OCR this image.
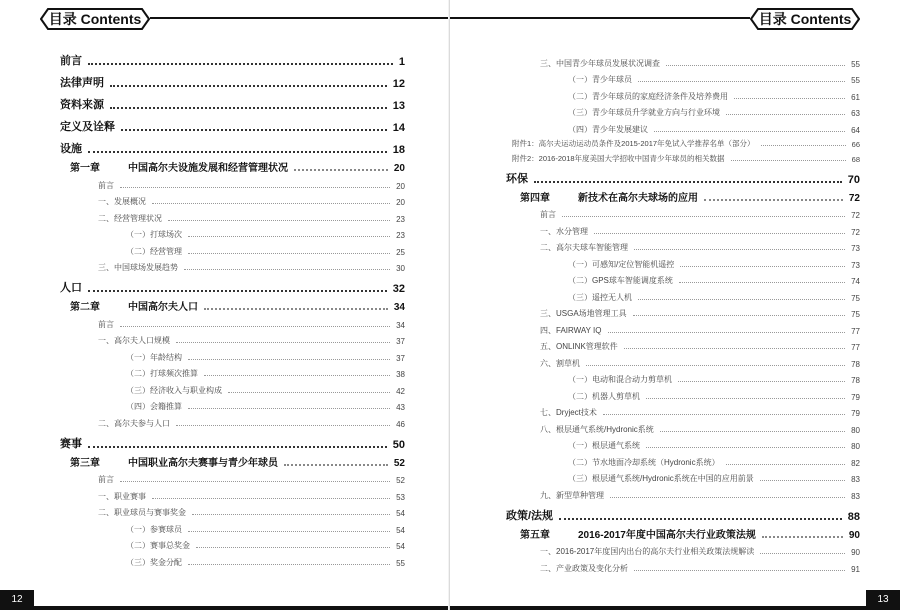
目录 Contents
前言	1
法律声明	12
资料来源	13
定义及诠释	14
设施	18
第一章	中国高尔夫设施发展和经营管理状况	20
前言	20
一、发展概况	20
二、经营管理状况	23
（一）打球场次	23
（二）经营管理	25
三、中国球场发展趋势	30
人口	32
第二章	中国高尔夫人口	34
前言	34
一、高尔夫人口规模	37
（一）年龄结构	37
（二）打球频次推算	38
（三）经济收入与职业构成	42
（四）会籍推算	43
二、高尔夫参与人口	46
赛事	50
第三章	中国职业高尔夫赛事与青少年球员	52
前言	52
一、职业赛事	53
二、职业球员与赛事奖金	54
（一）参赛球员	54
（二）赛事总奖金	54
（三）奖金分配	55
12
目录 Contents
三、中国青少年球员发展状况调查	55
（一）青少年球员	55
（二）青少年球员的家庭经济条件及培养费用	61
（三）青少年球员升学就业方向与行业环境	63
（四）青少年发展建议	64
附件1：高尔夫运动运动员条件及2015-2017年免试入学推荐名单（部分）	66
附件2：2016-2018年度美国大学招收中国青少年球员的相关数据	68
环保	70
第四章	新技术在高尔夫球场的应用	72
前言	72
一、水分管理	72
二、高尔夫球车智能管理	73
（一）可感知/定位智能机遥控	73
（二）GPS球车智能调度系统	74
（三）遥控无人机	75
三、USGA场地管理工具	75
四、FAIRWAY IQ	77
五、ONLINK管理软件	77
六、割草机	78
（一）电动和混合动力剪草机	78
（二）机器人剪草机	79
七、Dryject技术	79
八、根层通气系统/Hydronic系统	80
（一）根层通气系统	80
（二）节水地面冷却系统（Hydronic系统）	82
（三）根层通气系统/Hydronic系统在中国的应用前景	83
九、新型草种管理	83
政策/法规	88
第五章	2016-2017年度中国高尔夫行业政策法规	90
一、2016-2017年度国内出台的高尔夫行业相关政策法规解读	90
二、产业政策及变化分析	91
13
